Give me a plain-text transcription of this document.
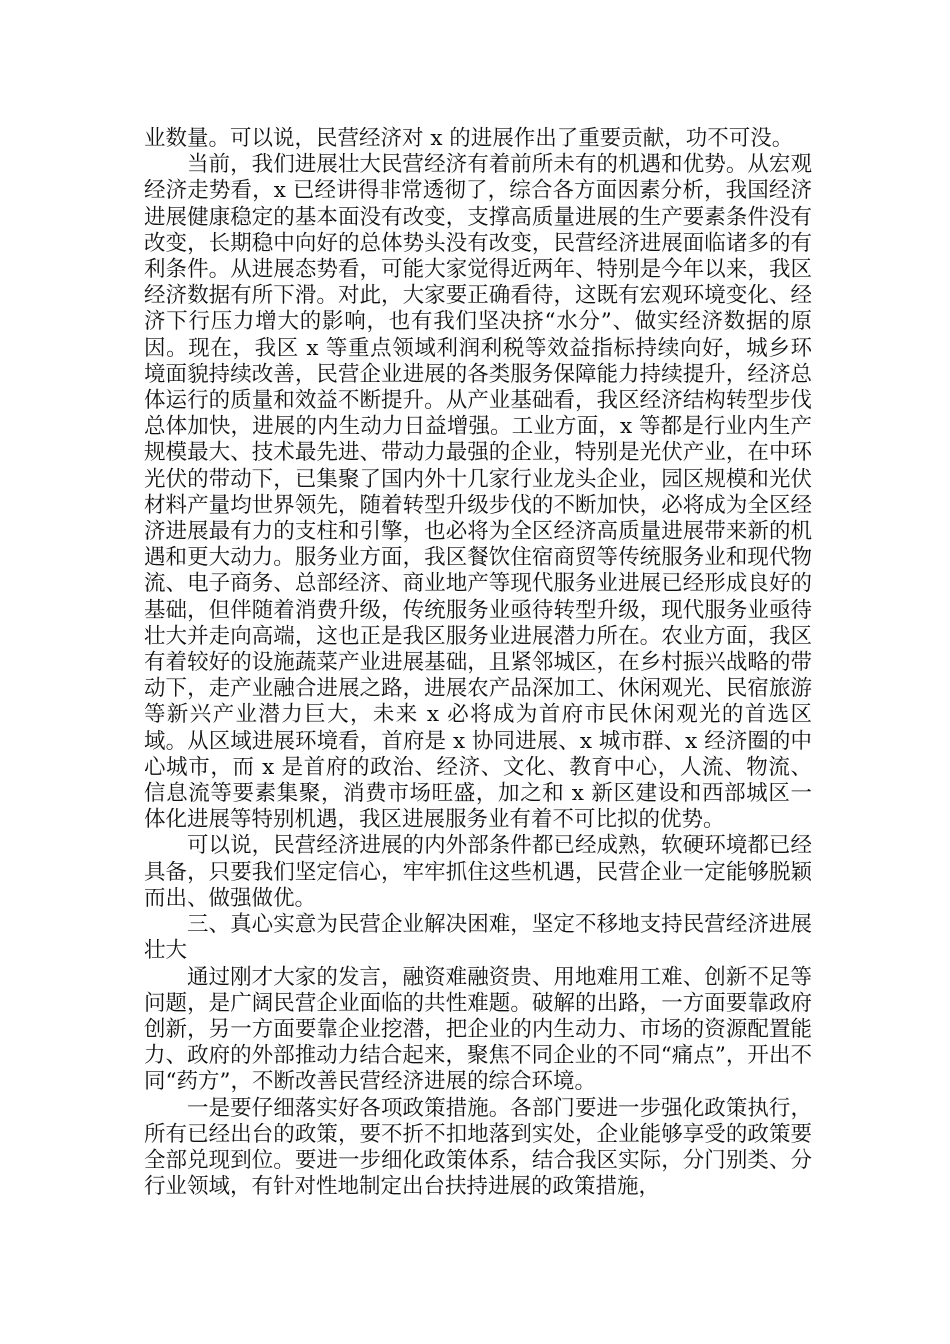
业数量。可以说，民营经济对 x 的进展作出了重要贡献，功不可没。

当前，我们进展壮大民营经济有着前所未有的机遇和优势。从宏观经济走势看，x 已经讲得非常透彻了，综合各方面因素分析，我国经济进展健康稳定的基本面没有改变，支撑高质量进展的生产要素条件没有改变，长期稳中向好的总体势头没有改变，民营经济进展面临诸多的有利条件。从进展态势看，可能大家觉得近两年、特别是今年以来，我区经济数据有所下滑。对此，大家要正确看待，这既有宏观环境变化、经济下行压力增大的影响，也有我们坚决挤“水分”、做实经济数据的原因。现在，我区 x 等重点领域利润利税等效益指标持续向好，城乡环境面貌持续改善，民营企业进展的各类服务保障能力持续提升，经济总体运行的质量和效益不断提升。从产业基础看，我区经济结构转型步伐总体加快，进展的内生动力日益增强。工业方面，x 等都是行业内生产规模最大、技术最先进、带动力最强的企业，特别是光伏产业，在中环光伏的带动下，已集聚了国内外十几家行业龙头企业，园区规模和光伏材料产量均世界领先，随着转型升级步伐的不断加快，必将成为全区经济进展最有力的支柱和引擎，也必将为全区经济高质量进展带来新的机遇和更大动力。服务业方面，我区餐饮住宿商贸等传统服务业和现代物流、电子商务、总部经济、商业地产等现代服务业进展已经形成良好的基础，但伴随着消费升级，传统服务业亟待转型升级，现代服务业亟待壮大并走向高端，这也正是我区服务业进展潜力所在。农业方面，我区有着较好的设施蔬菜产业进展基础，且紧邻城区，在乡村振兴战略的带动下，走产业融合进展之路，进展农产品深加工、休闲观光、民宿旅游等新兴产业潜力巨大，未来 x 必将成为首府市民休闲观光的首选区域。从区域进展环境看，首府是 x 协同进展、x 城市群、x 经济圈的中心城市，而 x 是首府的政治、经济、文化、教育中心，人流、物流、信息流等要素集聚，消费市场旺盛，加之和 x 新区建设和西部城区一体化进展等特别机遇，我区进展服务业有着不可比拟的优势。

可以说，民营经济进展的内外部条件都已经成熟，软硬环境都已经具备，只要我们坚定信心，牢牢抓住这些机遇，民营企业一定能够脱颖而出、做强做优。

三、真心实意为民营企业解决困难，坚定不移地支持民营经济进展壮大

通过刚才大家的发言，融资难融资贵、用地难用工难、创新不足等问题，是广阔民营企业面临的共性难题。破解的出路，一方面要靠政府创新，另一方面要靠企业挖潜，把企业的内生动力、市场的资源配置能力、政府的外部推动力结合起来，聚焦不同企业的不同“痛点”，开出不同“药方”，不断改善民营经济进展的综合环境。

一是要仔细落实好各项政策措施。各部门要进一步强化政策执行，所有已经出台的政策，要不折不扣地落到实处，企业能够享受的政策要全部兑现到位。要进一步细化政策体系，结合我区实际，分门别类、分行业领域，有针对性地制定出台扶持进展的政策措施，
